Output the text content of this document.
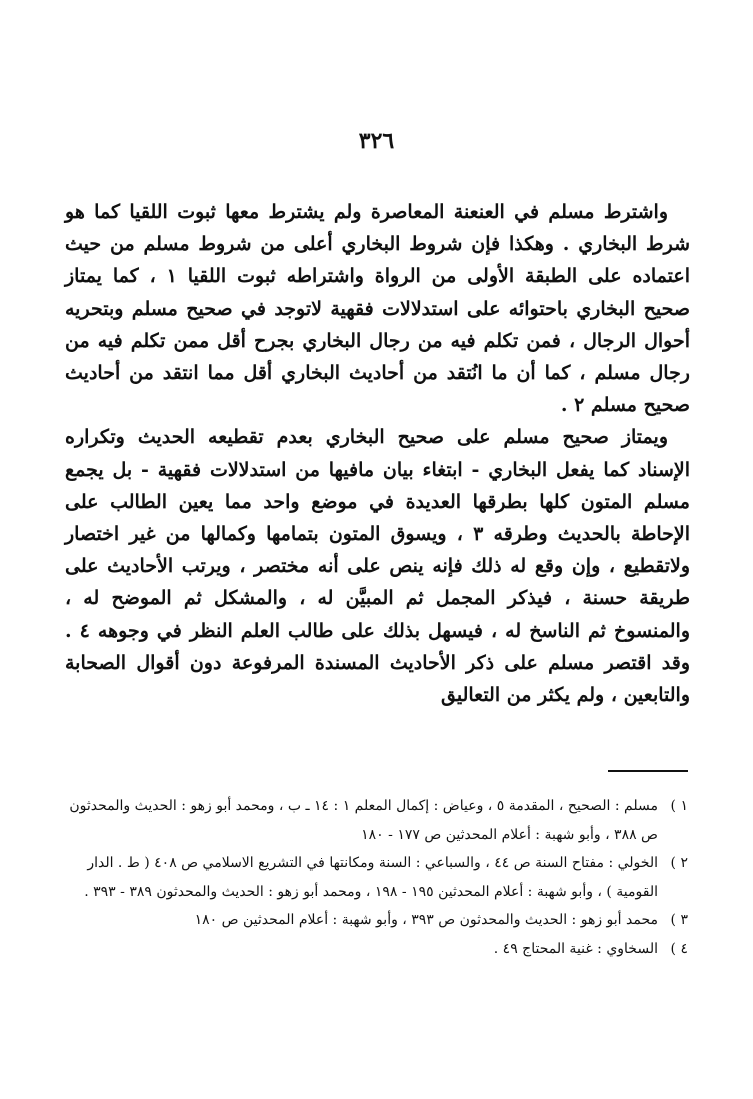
٣٢٦

واشترط مسلم في العنعنة المعاصرة ولم يشترط معها ثبوت اللقيا كما هو شرط البخاري . وهكذا فإن شروط البخاري أعلى من شروط مسلم من حيث اعتماده على الطبقة الأولى من الرواة واشتراطه ثبوت اللقيا ١ ، كما يمتاز صحيح البخاري باحتوائه على استدلالات فقهية لاتوجد في صحيح مسلم وبتحريه أحوال الرجال ، فمن تكلم فيه من رجال البخاري بجرح أقل ممن تكلم فيه من رجال مسلم ، كما أن ما انُتقد من أحاديث البخاري أقل مما انتقد من أحاديث صحيح مسلم ٢ .

ويمتاز صحيح مسلم على صحيح البخاري بعدم تقطيعه الحديث وتكراره الإسناد كما يفعل البخاري - ابتغاء بيان مافيها من استدلالات فقهية - بل يجمع مسلم المتون كلها بطرقها العديدة في موضع واحد مما يعين الطالب على الإحاطة بالحديث وطرقه ٣ ، ويسوق المتون بتمامها وكمالها من غير اختصار ولاتقطيع ، وإن وقع له ذلك فإنه ينص على أنه مختصر ، ويرتب الأحاديث على طريقة حسنة ، فيذكر المجمل ثم المبيَّن له ، والمشكل ثم الموضح له ، والمنسوخ ثم الناسخ له ، فيسهل بذلك على طالب العلم النظر في وجوهه ٤ . وقد اقتصر مسلم على ذكر الأحاديث المسندة المرفوعة دون أقوال الصحابة والتابعين ، ولم يكثر من التعاليق

١ )
مسلم : الصحيح ، المقدمة ٥ ، وعياض : إكمال المعلم ١ : ١٤ ـ ب ، ومحمد أبو زهو : الحديث والمحدثون ص ٣٨٨ ، وأبو شهبة : أعلام المحدثين ص ١٧٧ - ١٨٠
٢ )
الخولي : مفتاح السنة ص ٤٤ ، والسباعي : السنة ومكانتها في التشريع الاسلامي ص ٤٠٨ ( ط . الدار القومية ) ، وأبو شهبة : أعلام المحدثين ١٩٥ - ١٩٨ ، ومحمد أبو زهو : الحديث والمحدثون ٣٨٩ - ٣٩٣ .
٣ )
محمد أبو زهو : الحديث والمحدثون ص ٣٩٣ ، وأبو شهبة : أعلام المحدثين ص ١٨٠
٤ )
السخاوي : غنية المحتاج ٤٩ .
